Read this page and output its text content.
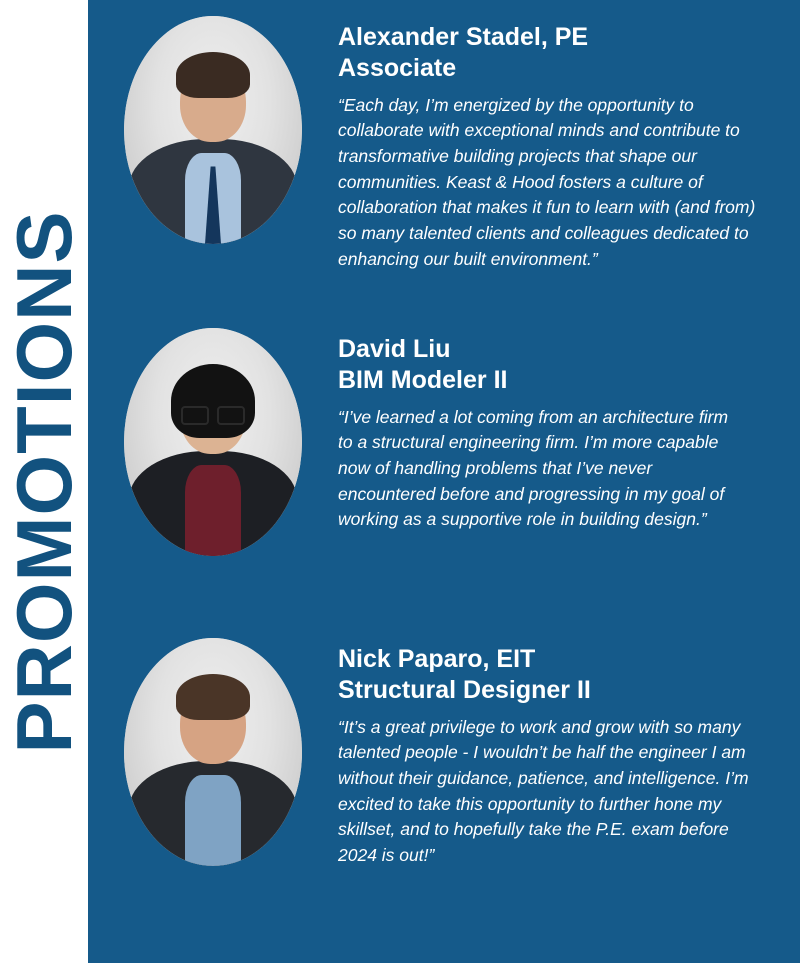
PROMOTIONS

Alexander Stadel, PE

Associate

“Each day, I’m energized by the opportunity to collaborate with exceptional minds and contribute to transformative building projects that shape our communities. Keast & Hood fosters a culture of collaboration that makes it fun to learn with (and from) so many talented clients and colleagues dedicated to enhancing our built environment.”

David Liu

BIM Modeler II

“I’ve learned a lot coming from an architecture firm to a structural engineering firm. I’m more capable now of handling problems that I’ve never encountered before and progressing in my goal of working as a supportive role in building design.”

Nick Paparo, EIT

Structural Designer II

“It’s a great privilege to work and grow with so many talented people - I wouldn’t be half the engineer I am without their guidance, patience, and intelligence. I’m excited to take this opportunity to further hone my skillset, and to hopefully take the P.E. exam before 2024 is out!”
